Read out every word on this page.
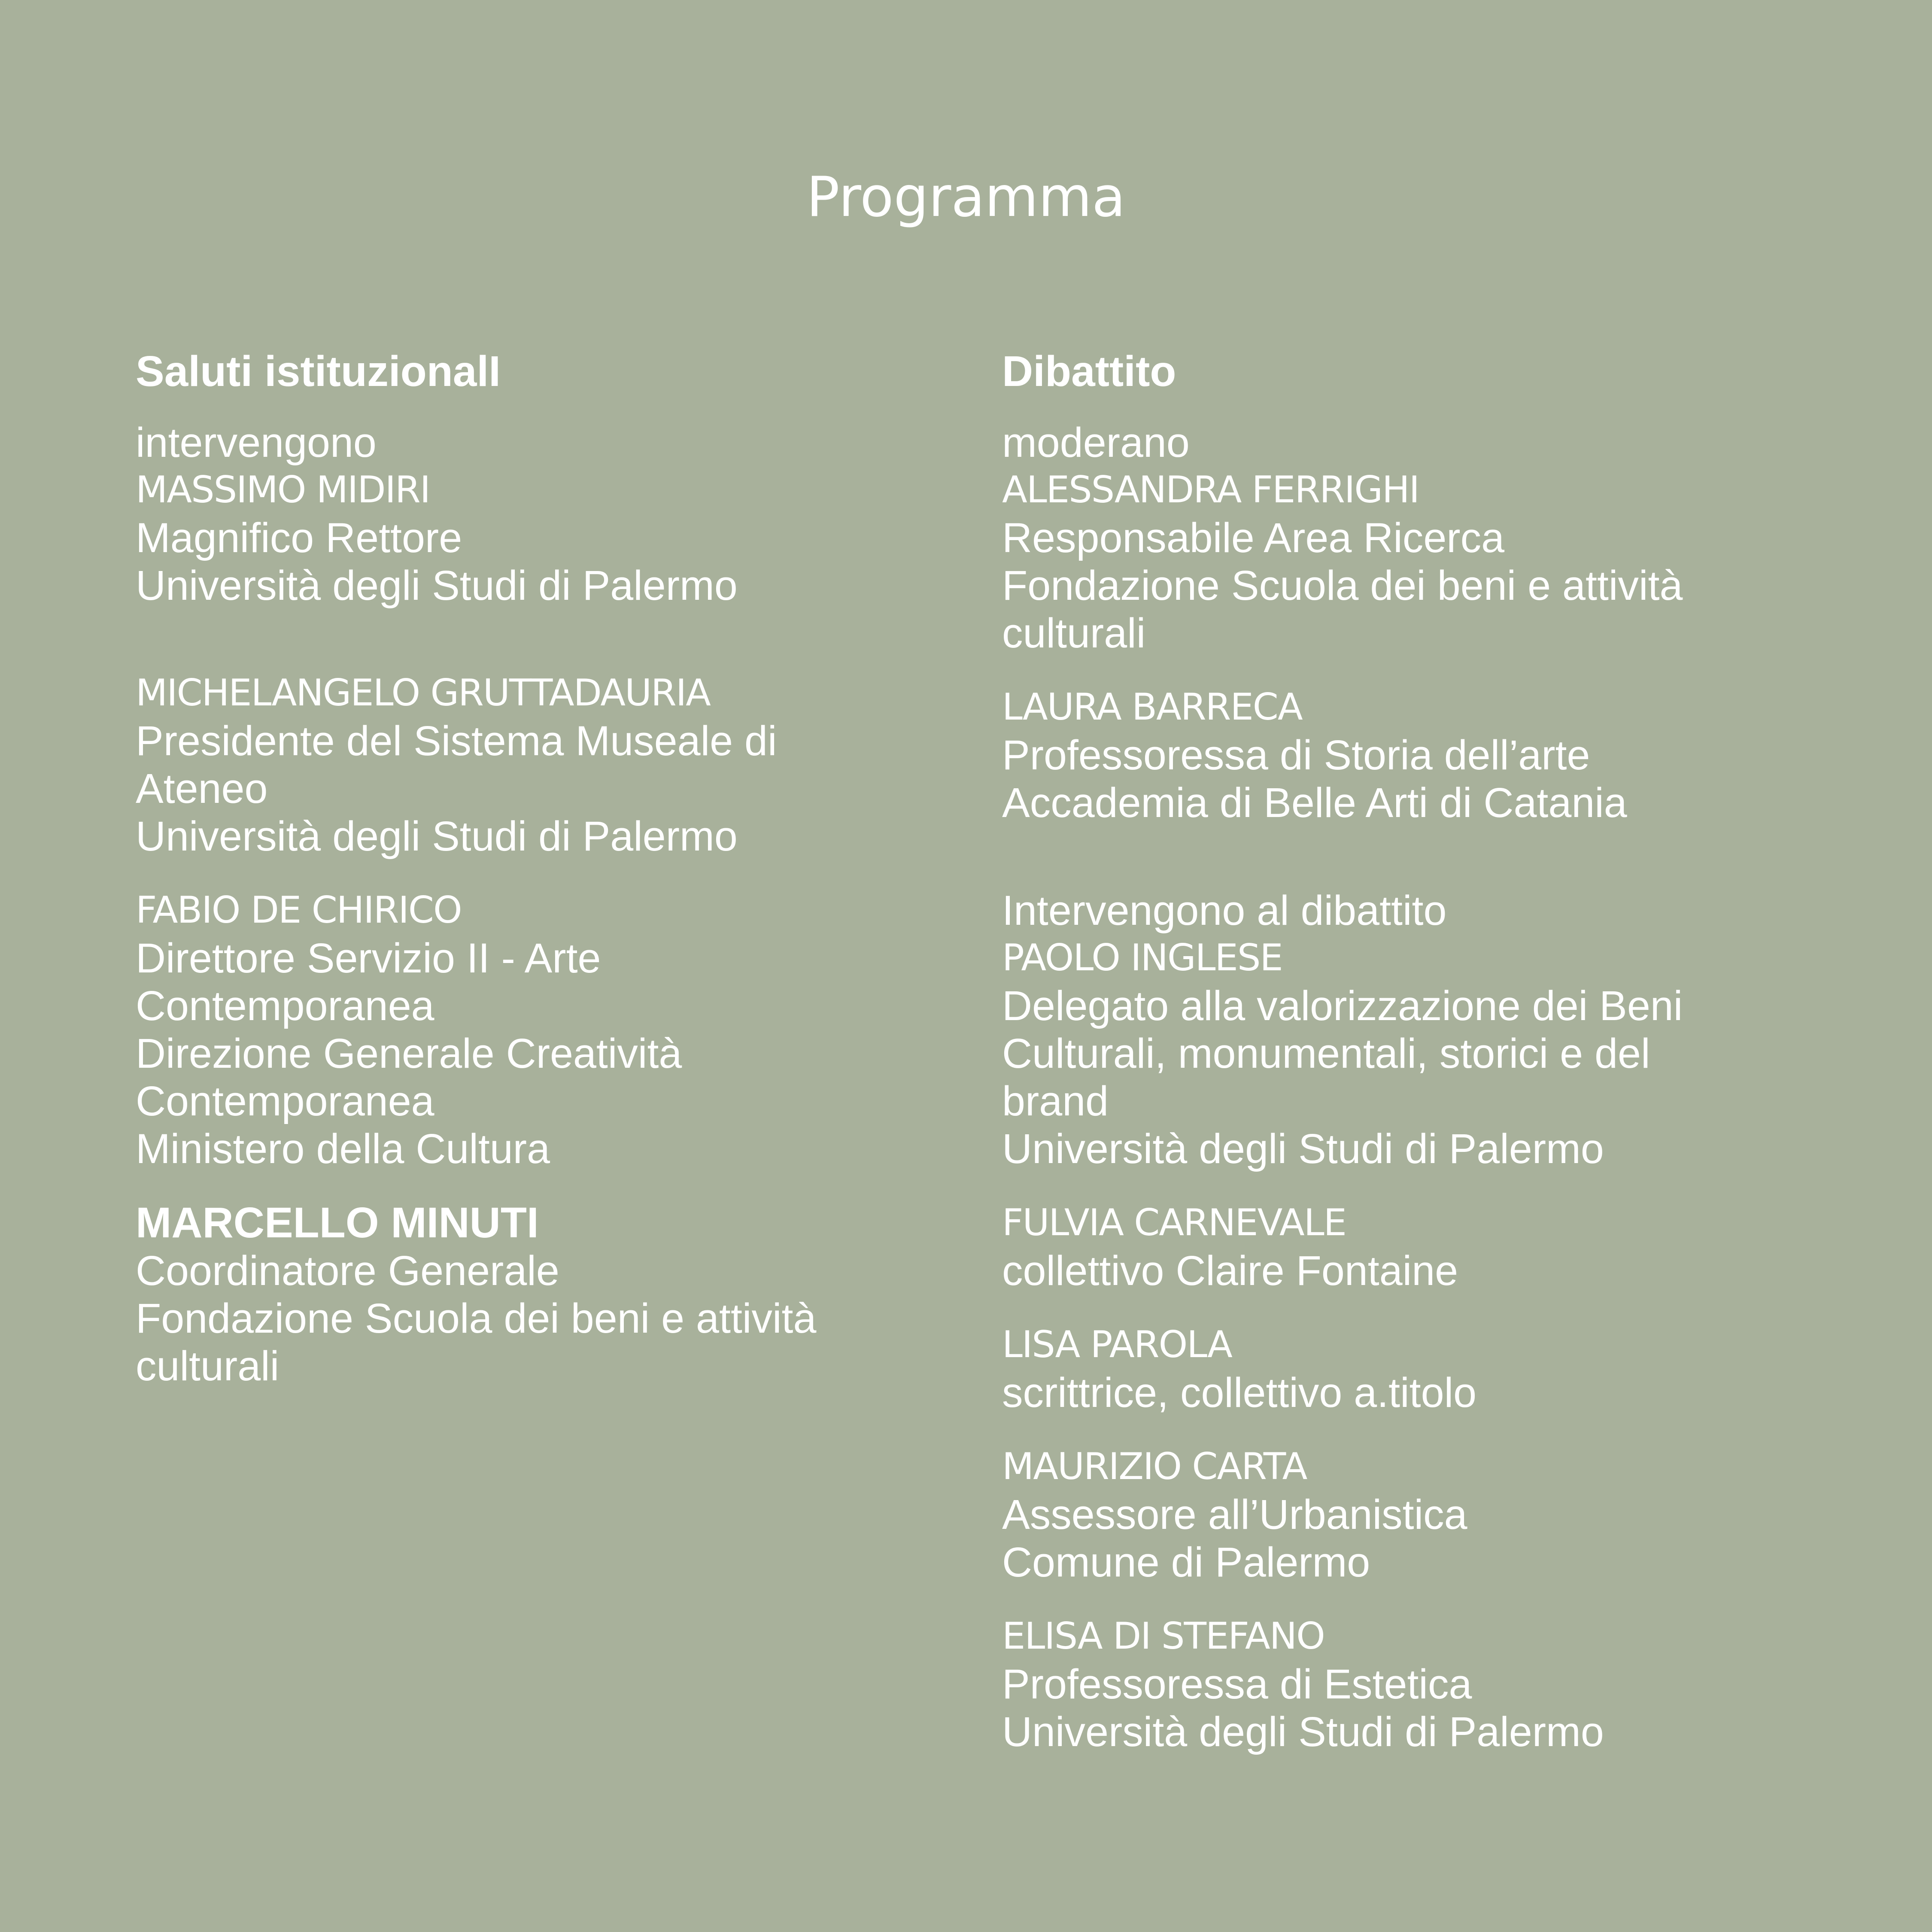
Programma
Saluti istituzionalI

intervengono

MASSIMO MIDIRI
Magnifico Rettore
Università degli Studi di Palermo
MICHELANGELO GRUTTADAURIA
Presidente del Sistema Museale di
Ateneo
Università degli Studi di Palermo
FABIO DE CHIRICO
Direttore Servizio II - Arte
Contemporanea
Direzione Generale Creatività
Contemporanea
Ministero della Cultura
MARCELLO MINUTI
Coordinatore Generale
Fondazione Scuola dei beni e attività
culturali
Dibattito

moderano

ALESSANDRA FERRIGHI
Responsabile Area Ricerca
Fondazione Scuola dei beni e attività
culturali
LAURA BARRECA
Professoressa di Storia dell’arte
Accademia di Belle Arti di Catania

Intervengono al dibattito

PAOLO INGLESE
Delegato alla valorizzazione dei Beni
Culturali, monumentali, storici e del
brand
Università degli Studi di Palermo
FULVIA CARNEVALE
collettivo Claire Fontaine
LISA PAROLA
scrittrice, collettivo a.titolo
MAURIZIO CARTA
Assessore all’Urbanistica
Comune di Palermo
ELISA DI STEFANO
Professoressa di Estetica
Università degli Studi di Palermo
